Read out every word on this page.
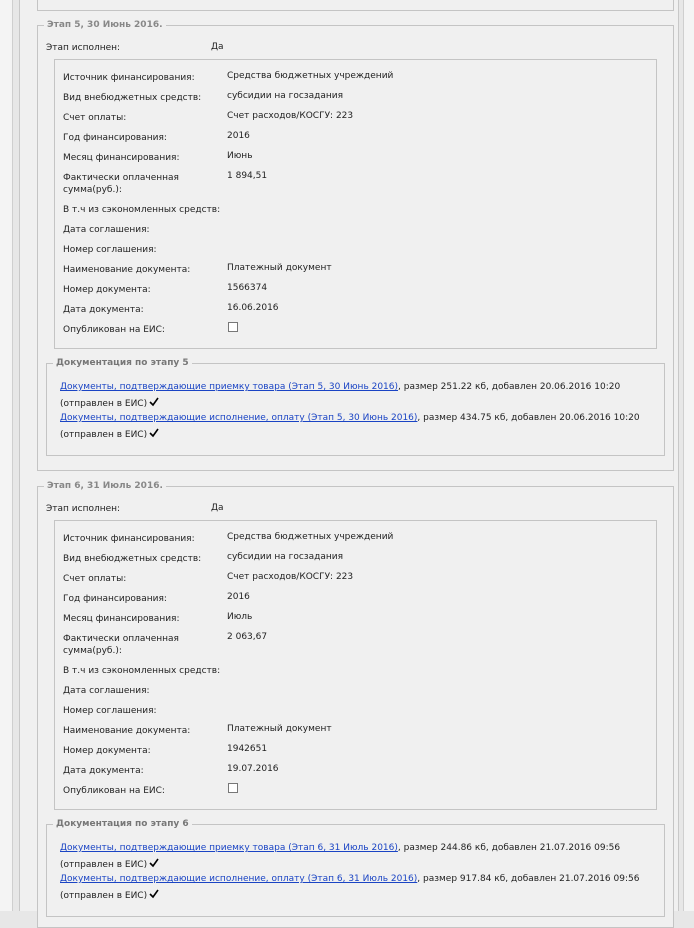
Этап 5, 30 Июнь 2016.
Этап исполнен:	Да
Источник финансирования:	Средства бюджетных учреждений
Вид внебюджетных средств:	субсидии на госзадания
Счет оплаты:	Счет расходов/КОСГУ: 223
Год финансирования:	2016
Месяц финансирования:	Июнь
Фактически оплаченная
сумма(руб.):
1 894,51
В т.ч из сэкономленных средств:
Дата соглашения:
Номер соглашения:
Наименование документа:	Платежный документ
Номер документа:	1566374
Дата документа:	16.06.2016
Опубликован на ЕИС:
Документация по этапу 5
Документы, подтверждающие приемку товара (Этап 5, 30 Июнь 2016), размер 251.22 кб, добавлен 20.06.2016 10:20
(отправлен в ЕИС)
Документы, подтверждающие исполнение, оплату (Этап 5, 30 Июнь 2016), размер 434.75 кб, добавлен 20.06.2016 10:20
(отправлен в ЕИС)
Этап 6, 31 Июль 2016.
Этап исполнен:	Да
Источник финансирования:	Средства бюджетных учреждений
Вид внебюджетных средств:	субсидии на госзадания
Счет оплаты:	Счет расходов/КОСГУ: 223
Год финансирования:	2016
Месяц финансирования:	Июль
Фактически оплаченная
сумма(руб.):
2 063,67
В т.ч из сэкономленных средств:
Дата соглашения:
Номер соглашения:
Наименование документа:	Платежный документ
Номер документа:	1942651
Дата документа:	19.07.2016
Опубликован на ЕИС:
Документация по этапу 6
Документы, подтверждающие приемку товара (Этап 6, 31 Июль 2016), размер 244.86 кб, добавлен 21.07.2016 09:56
(отправлен в ЕИС)
Документы, подтверждающие исполнение, оплату (Этап 6, 31 Июль 2016), размер 917.84 кб, добавлен 21.07.2016 09:56
(отправлен в ЕИС)
